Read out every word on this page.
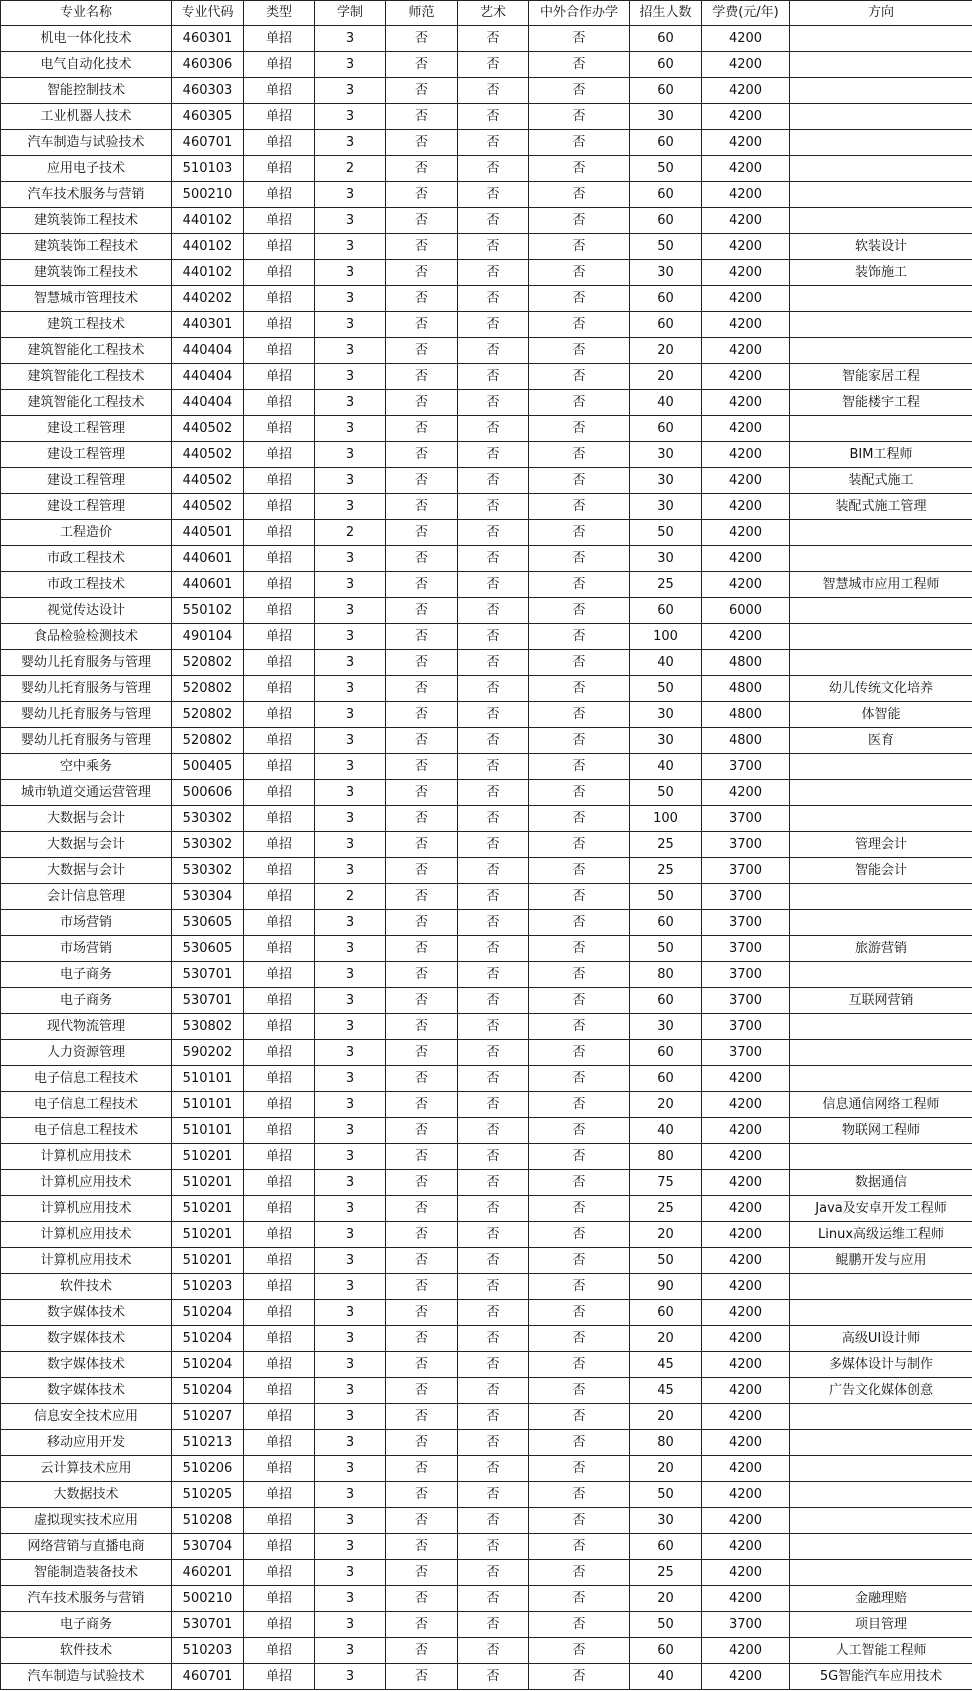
专业名称	专业代码	类型	学制	师范	艺术	中外合作办学	招生人数	学费(元/年)	方向
机电一体化技术	460301	单招	3	否	否	否	60	4200	
电气自动化技术	460306	单招	3	否	否	否	60	4200	
智能控制技术	460303	单招	3	否	否	否	60	4200	
工业机器人技术	460305	单招	3	否	否	否	30	4200	
汽车制造与试验技术	460701	单招	3	否	否	否	60	4200	
应用电子技术	510103	单招	2	否	否	否	50	4200	
汽车技术服务与营销	500210	单招	3	否	否	否	60	4200	
建筑装饰工程技术	440102	单招	3	否	否	否	60	4200	
建筑装饰工程技术	440102	单招	3	否	否	否	50	4200	软装设计
建筑装饰工程技术	440102	单招	3	否	否	否	30	4200	装饰施工
智慧城市管理技术	440202	单招	3	否	否	否	60	4200	
建筑工程技术	440301	单招	3	否	否	否	60	4200	
建筑智能化工程技术	440404	单招	3	否	否	否	20	4200	
建筑智能化工程技术	440404	单招	3	否	否	否	20	4200	智能家居工程
建筑智能化工程技术	440404	单招	3	否	否	否	40	4200	智能楼宇工程
建设工程管理	440502	单招	3	否	否	否	60	4200	
建设工程管理	440502	单招	3	否	否	否	30	4200	BIM工程师
建设工程管理	440502	单招	3	否	否	否	30	4200	装配式施工
建设工程管理	440502	单招	3	否	否	否	30	4200	装配式施工管理
工程造价	440501	单招	2	否	否	否	50	4200	
市政工程技术	440601	单招	3	否	否	否	30	4200	
市政工程技术	440601	单招	3	否	否	否	25	4200	智慧城市应用工程师
视觉传达设计	550102	单招	3	否	否	否	60	6000	
食品检验检测技术	490104	单招	3	否	否	否	100	4200	
婴幼儿托育服务与管理	520802	单招	3	否	否	否	40	4800	
婴幼儿托育服务与管理	520802	单招	3	否	否	否	50	4800	幼儿传统文化培养
婴幼儿托育服务与管理	520802	单招	3	否	否	否	30	4800	体智能
婴幼儿托育服务与管理	520802	单招	3	否	否	否	30	4800	医育
空中乘务	500405	单招	3	否	否	否	40	3700	
城市轨道交通运营管理	500606	单招	3	否	否	否	50	4200	
大数据与会计	530302	单招	3	否	否	否	100	3700	
大数据与会计	530302	单招	3	否	否	否	25	3700	管理会计
大数据与会计	530302	单招	3	否	否	否	25	3700	智能会计
会计信息管理	530304	单招	2	否	否	否	50	3700	
市场营销	530605	单招	3	否	否	否	60	3700	
市场营销	530605	单招	3	否	否	否	50	3700	旅游营销
电子商务	530701	单招	3	否	否	否	80	3700	
电子商务	530701	单招	3	否	否	否	60	3700	互联网营销
现代物流管理	530802	单招	3	否	否	否	30	3700	
人力资源管理	590202	单招	3	否	否	否	60	3700	
电子信息工程技术	510101	单招	3	否	否	否	60	4200	
电子信息工程技术	510101	单招	3	否	否	否	20	4200	信息通信网络工程师
电子信息工程技术	510101	单招	3	否	否	否	40	4200	物联网工程师
计算机应用技术	510201	单招	3	否	否	否	80	4200	
计算机应用技术	510201	单招	3	否	否	否	75	4200	数据通信
计算机应用技术	510201	单招	3	否	否	否	25	4200	Java及安卓开发工程师
计算机应用技术	510201	单招	3	否	否	否	20	4200	Linux高级运维工程师
计算机应用技术	510201	单招	3	否	否	否	50	4200	鲲鹏开发与应用
软件技术	510203	单招	3	否	否	否	90	4200	
数字媒体技术	510204	单招	3	否	否	否	60	4200	
数字媒体技术	510204	单招	3	否	否	否	20	4200	高级UI设计师
数字媒体技术	510204	单招	3	否	否	否	45	4200	多媒体设计与制作
数字媒体技术	510204	单招	3	否	否	否	45	4200	广告文化媒体创意
信息安全技术应用	510207	单招	3	否	否	否	20	4200	
移动应用开发	510213	单招	3	否	否	否	80	4200	
云计算技术应用	510206	单招	3	否	否	否	20	4200	
大数据技术	510205	单招	3	否	否	否	50	4200	
虚拟现实技术应用	510208	单招	3	否	否	否	30	4200	
网络营销与直播电商	530704	单招	3	否	否	否	60	4200	
智能制造装备技术	460201	单招	3	否	否	否	25	4200	
汽车技术服务与营销	500210	单招	3	否	否	否	20	4200	金融理赔
电子商务	530701	单招	3	否	否	否	50	3700	项目管理
软件技术	510203	单招	3	否	否	否	60	4200	人工智能工程师
汽车制造与试验技术	460701	单招	3	否	否	否	40	4200	5G智能汽车应用技术
